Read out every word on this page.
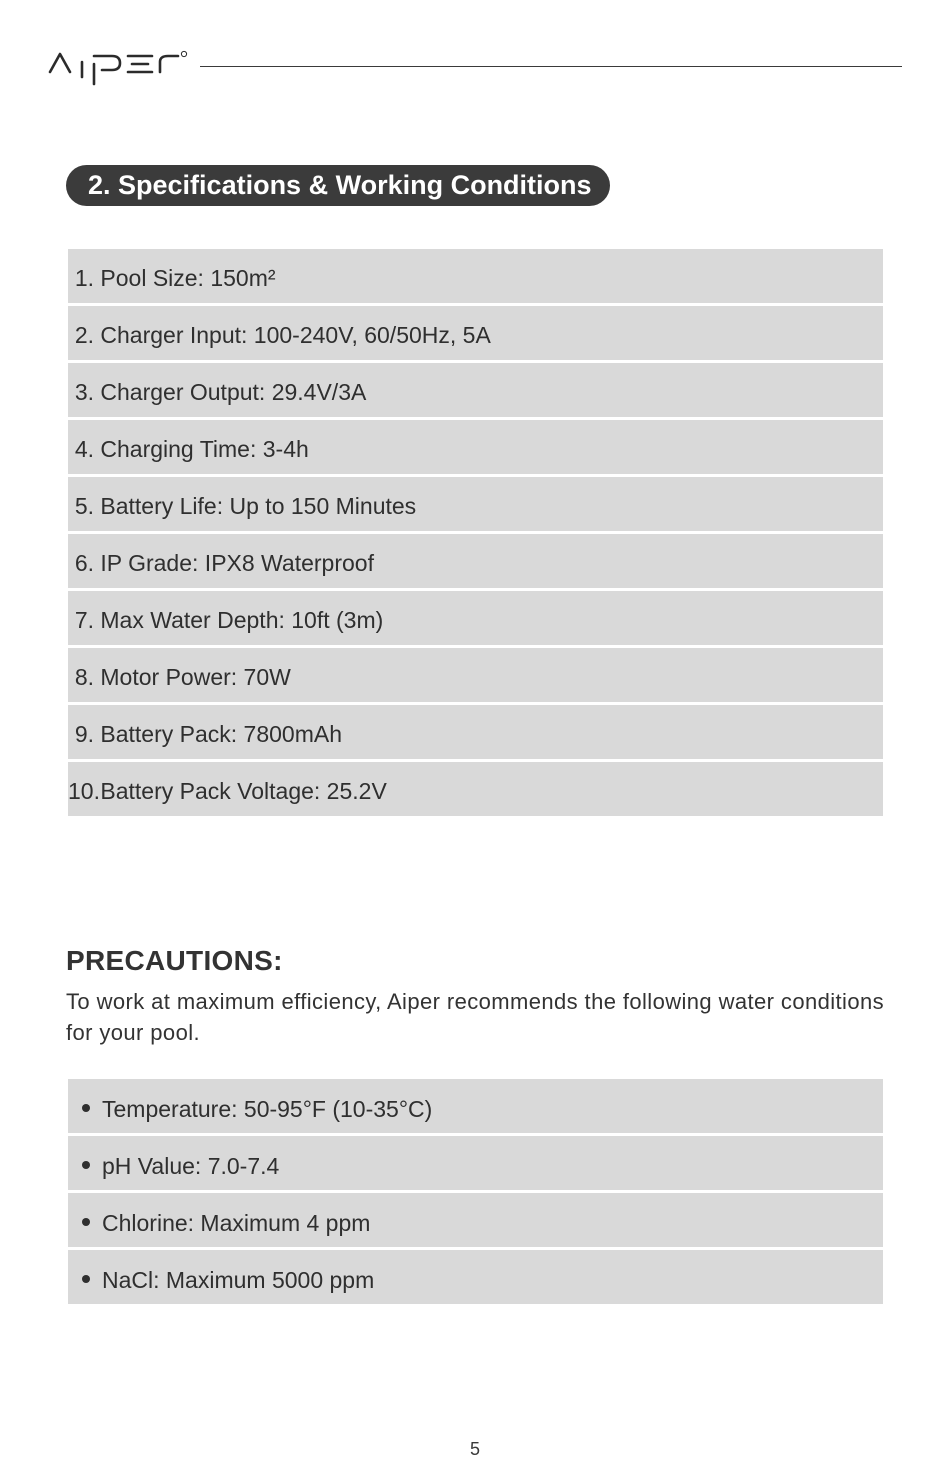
2. Specifications & Working Conditions
1. Pool Size: 150m²
2. Charger Input: 100-240V, 60/50Hz, 5A
3. Charger Output: 29.4V/3A
4. Charging Time: 3-4h
5. Battery Life: Up to 150 Minutes
6. IP Grade: IPX8 Waterproof
7. Max Water Depth: 10ft (3m)
8. Motor Power: 70W
9. Battery Pack: 7800mAh
10. Battery Pack Voltage: 25.2V
PRECAUTIONS:
To work at maximum efficiency, Aiper recommends the following water conditions for your pool.
Temperature: 50-95°F (10-35°C)
pH Value: 7.0-7.4
Chlorine: Maximum 4 ppm
NaCl: Maximum 5000 ppm
5
